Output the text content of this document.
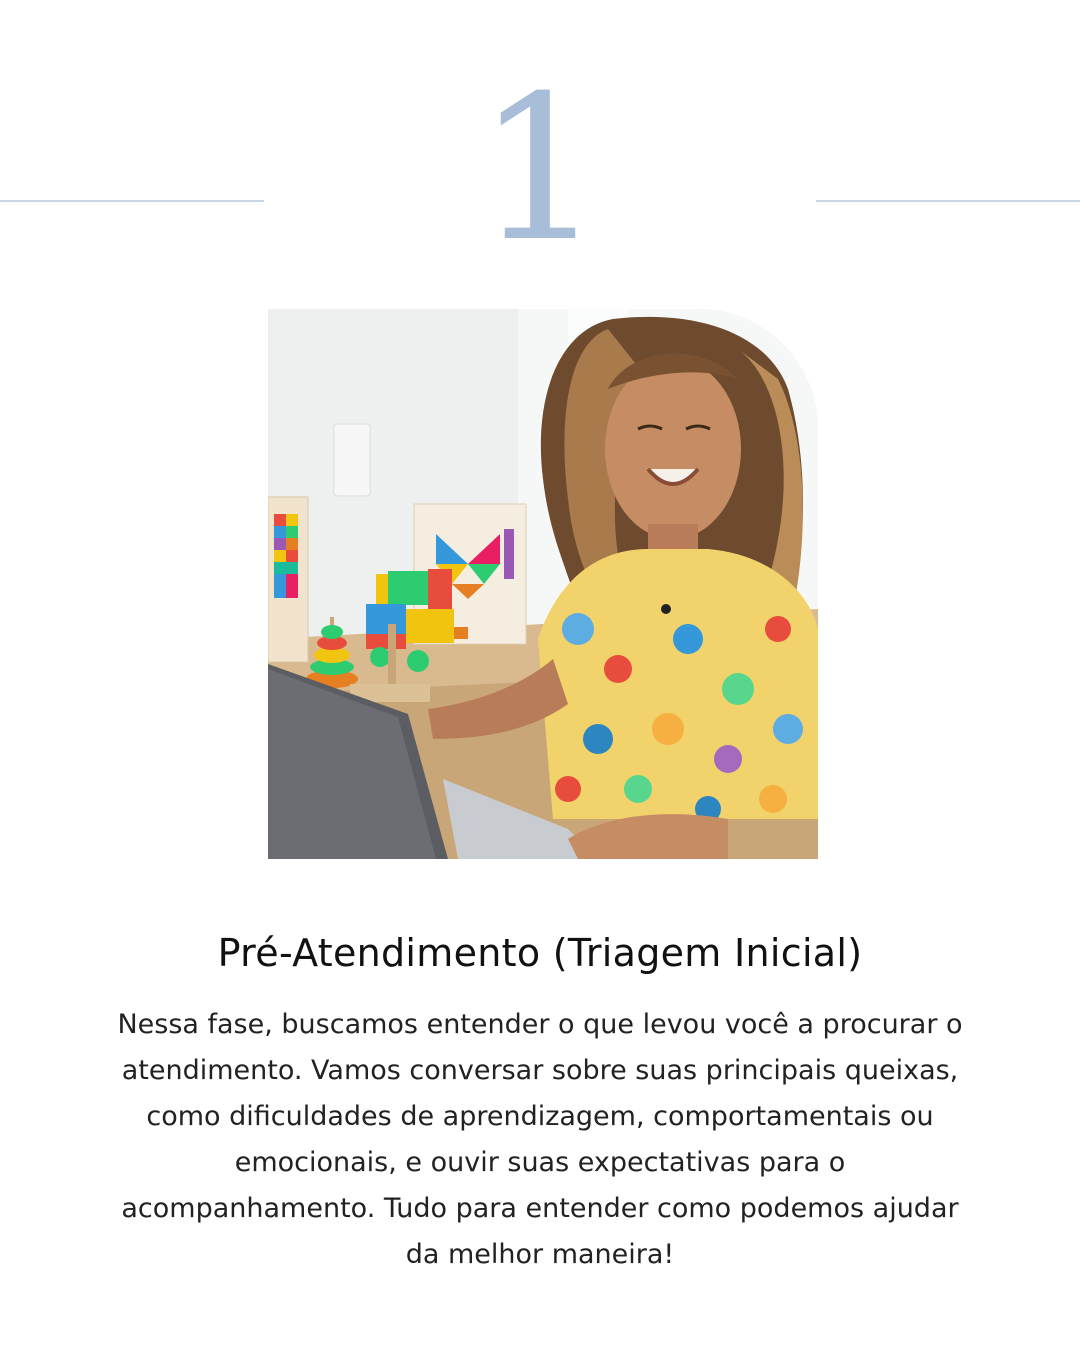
1
Pré-Atendimento (Triagem Inicial)

Nessa fase, buscamos entender o que levou você a procurar o
atendimento. Vamos conversar sobre suas principais queixas,
como dificuldades de aprendizagem, comportamentais ou
emocionais, e ouvir suas expectativas para o
acompanhamento. Tudo para entender como podemos ajudar
da melhor maneira!
